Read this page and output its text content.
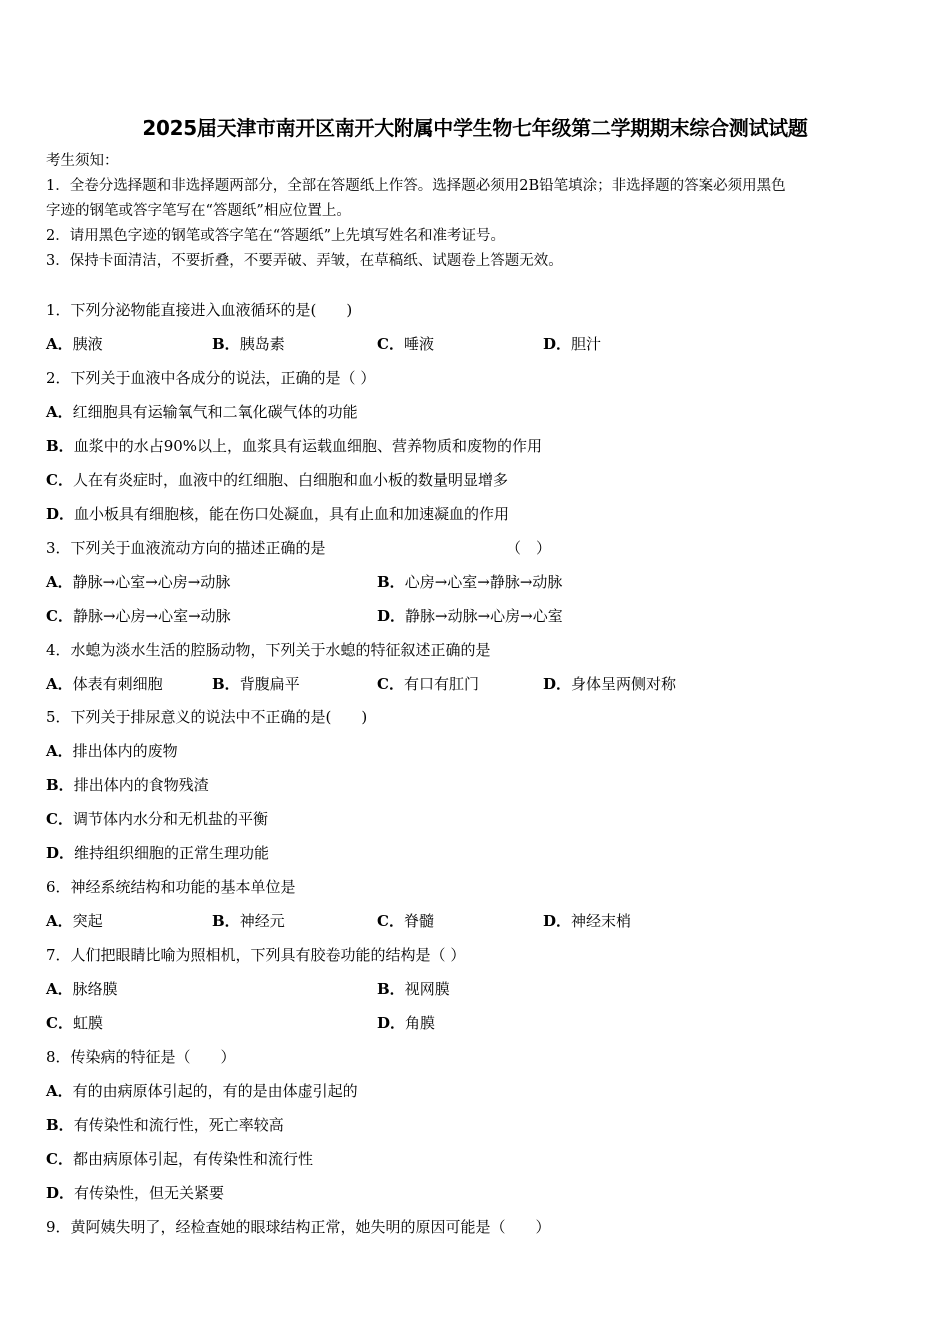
2025届天津市南开区南开大附属中学生物七年级第二学期期末综合测试试题
考生须知：
1．全卷分选择题和非选择题两部分，全部在答题纸上作答。选择题必须用2B铅笔填涂；非选择题的答案必须用黑色
字迹的钢笔或答字笔写在“答题纸”相应位置上。
2．请用黑色字迹的钢笔或答字笔在“答题纸”上先填写姓名和准考证号。
3．保持卡面清洁，不要折叠，不要弄破、弄皱，在草稿纸、试题卷上答题无效。
1．下列分泌物能直接进入血液循环的是(　　)
A．胰液	B．胰岛素	C．唾液	D．胆汁
2．下列关于血液中各成分的说法，正确的是（ ）
A．红细胞具有运输氧气和二氧化碳气体的功能
B．血浆中的水占90%以上，血浆具有运载血细胞、营养物质和废物的作用
C．人在有炎症时，血液中的红细胞、白细胞和血小板的数量明显增多
D．血小板具有细胞核，能在伤口处凝血，具有止血和加速凝血的作用
3．下列关于血液流动方向的描述正确的是	（　）
A．静脉→心室→心房→动脉	B．心房→心室→静脉→动脉
C．静脉→心房→心室→动脉	D．静脉→动脉→心房→心室
4．水螅为淡水生活的腔肠动物，下列关于水螅的特征叙述正确的是
A．体表有刺细胞	B．背腹扁平	C．有口有肛门	D．身体呈两侧对称
5．下列关于排尿意义的说法中不正确的是(　　)
A．排出体内的废物
B．排出体内的食物残渣
C．调节体内水分和无机盐的平衡
D．维持组织细胞的正常生理功能
6．神经系统结构和功能的基本单位是
A．突起	B．神经元	C．脊髓	D．神经末梢
7．人们把眼睛比喻为照相机，下列具有胶卷功能的结构是（ ）
A．脉络膜	B．视网膜
C．虹膜	D．角膜
8．传染病的特征是（　　）
A．有的由病原体引起的，有的是由体虚引起的
B．有传染性和流行性，死亡率较高
C．都由病原体引起，有传染性和流行性
D．有传染性，但无关紧要
9．黄阿姨失明了，经检查她的眼球结构正常，她失明的原因可能是（　　）
